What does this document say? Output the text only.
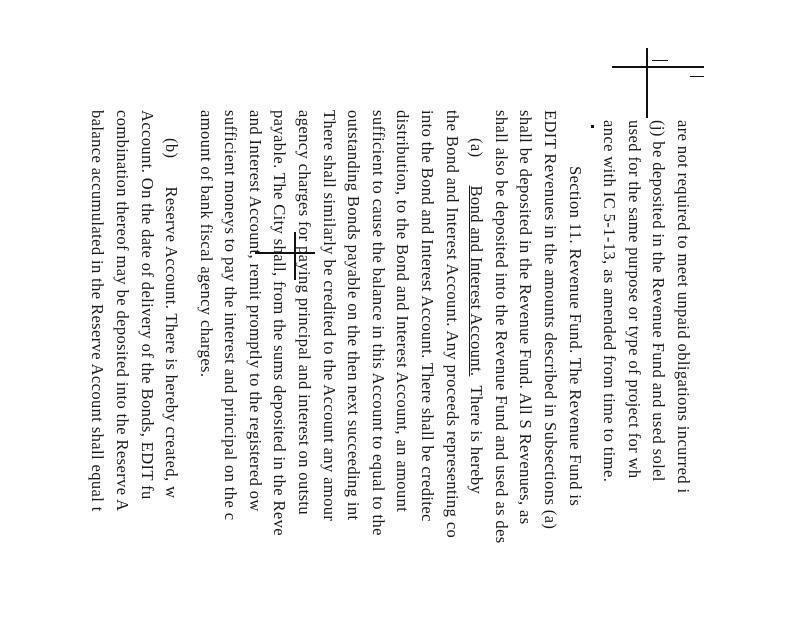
are not required to meet unpaid obligations incurred i
(j) be deposited in the Revenue Fund and used solel
used for the same purpose or type of project for wh
ance with IC 5-1-13, as amended from time to time.
Section 11. Revenue Fund. The Revenue Fund is
EDIT Revenues in the amounts described in Subsections (a)
shall be deposited in the Revenue Fund. All S Revenues, as
shall also be deposited into the Revenue Fund and used as des
(a)Bond and Interest Account.  There is hereby
the Bond and Interest Account. Any proceeds representing co
into the Bond and Interest Account. There shall be creditec
distribution, to the Bond and Interest Account, an amount
sufficient to cause the balance in this Account to equal to the
outstanding Bonds payable on the then next succeeding int
There shall similarly be credited to the Account any amour
agency charges for paying principal and interest on outstu
payable. The City shall, from the sums deposited in the Reve
and Interest Account, remit promptly to the registered ow
sufficient moneys to pay the interest and principal on the c
amount of bank fiscal agency charges.
(b)Reserve Account. There is hereby created, w
Account. On the date of delivery of the Bonds, EDIT fu
combination thereof may be deposited into the Reserve A
balance accumulated in the Reserve Account shall equal t
